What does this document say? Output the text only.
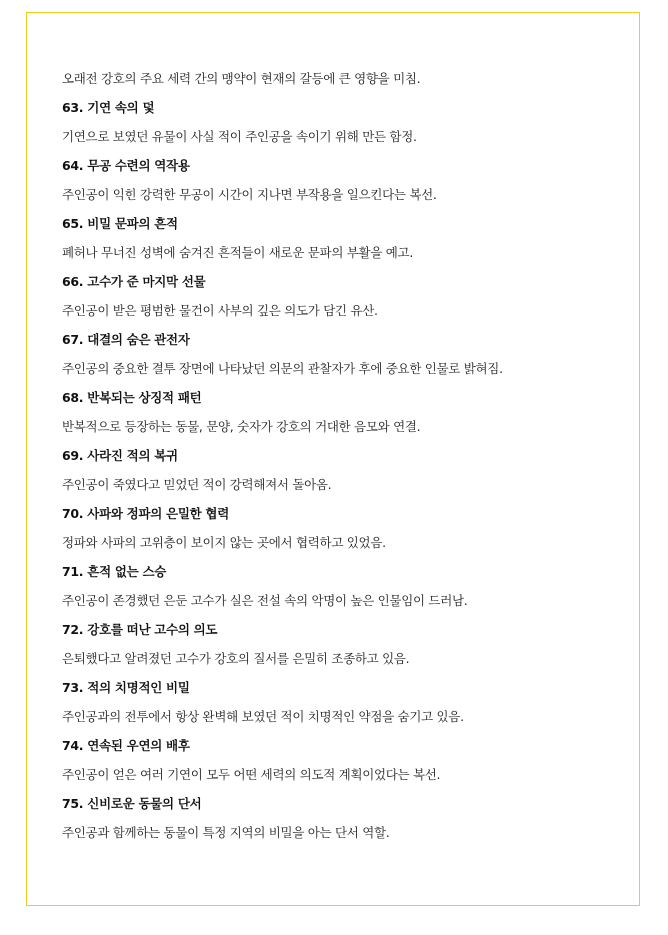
오래전 강호의 주요 세력 간의 맹약이 현재의 갈등에 큰 영향을 미침.
63. 기연 속의 덫
기연으로 보였던 유물이 사실 적이 주인공을 속이기 위해 만든 함정.
64. 무공 수련의 역작용
주인공이 익힌 강력한 무공이 시간이 지나면 부작용을 일으킨다는 복선.
65. 비밀 문파의 흔적
폐허나 무너진 성벽에 숨겨진 흔적들이 새로운 문파의 부활을 예고.
66. 고수가 준 마지막 선물
주인공이 받은 평범한 물건이 사부의 깊은 의도가 담긴 유산.
67. 대결의 숨은 관전자
주인공의 중요한 결투 장면에 나타났던 의문의 관찰자가 후에 중요한 인물로 밝혀짐.
68. 반복되는 상징적 패턴
반복적으로 등장하는 동물, 문양, 숫자가 강호의 거대한 음모와 연결.
69. 사라진 적의 복귀
주인공이 죽였다고 믿었던 적이 강력해져서 돌아옴.
70. 사파와 정파의 은밀한 협력
정파와 사파의 고위층이 보이지 않는 곳에서 협력하고 있었음.
71. 흔적 없는 스승
주인공이 존경했던 은둔 고수가 실은 전설 속의 악명이 높은 인물임이 드러남.
72. 강호를 떠난 고수의 의도
은퇴했다고 알려졌던 고수가 강호의 질서를 은밀히 조종하고 있음.
73. 적의 치명적인 비밀
주인공과의 전투에서 항상 완벽해 보였던 적이 치명적인 약점을 숨기고 있음.
74. 연속된 우연의 배후
주인공이 얻은 여러 기연이 모두 어떤 세력의 의도적 계획이었다는 복선.
75. 신비로운 동물의 단서
주인공과 함께하는 동물이 특정 지역의 비밀을 아는 단서 역할.
